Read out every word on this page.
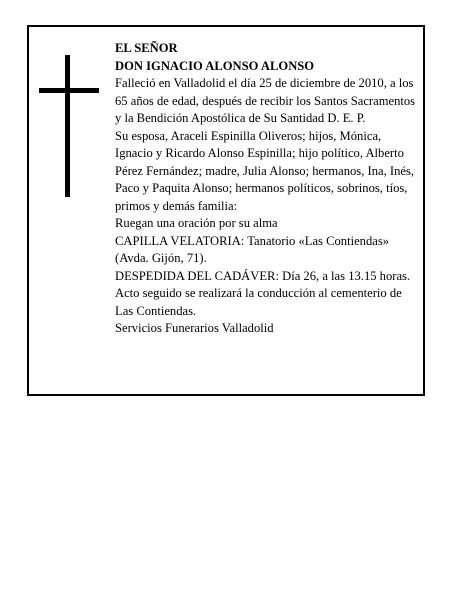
EL SEÑOR

DON IGNACIO ALONSO ALONSO

Falleció en Valladolid el día 25 de diciembre de 2010, a los 65 años de edad, después de recibir los Santos Sacramentos y la Bendición Apostólica de Su Santidad D. E. P.

Su esposa, Araceli Espinilla Oliveros; hijos, Mónica, Ignacio y Ricardo Alonso Espinilla; hijo político, Alberto Pérez Fernández; madre, Julia Alonso; hermanos, Ina, Inés, Paco y Paquita Alonso; hermanos políticos, sobrinos, tíos, primos y demás familia:

Ruegan una oración por su alma

CAPILLA VELATORIA: Tanatorio «Las Contiendas» (Avda. Gijón, 71).

DESPEDIDA DEL CADÁVER: Día 26, a las 13.15 horas. Acto seguido se realizará la conducción al cementerio de Las Contiendas.

Servicios Funerarios Valladolid
